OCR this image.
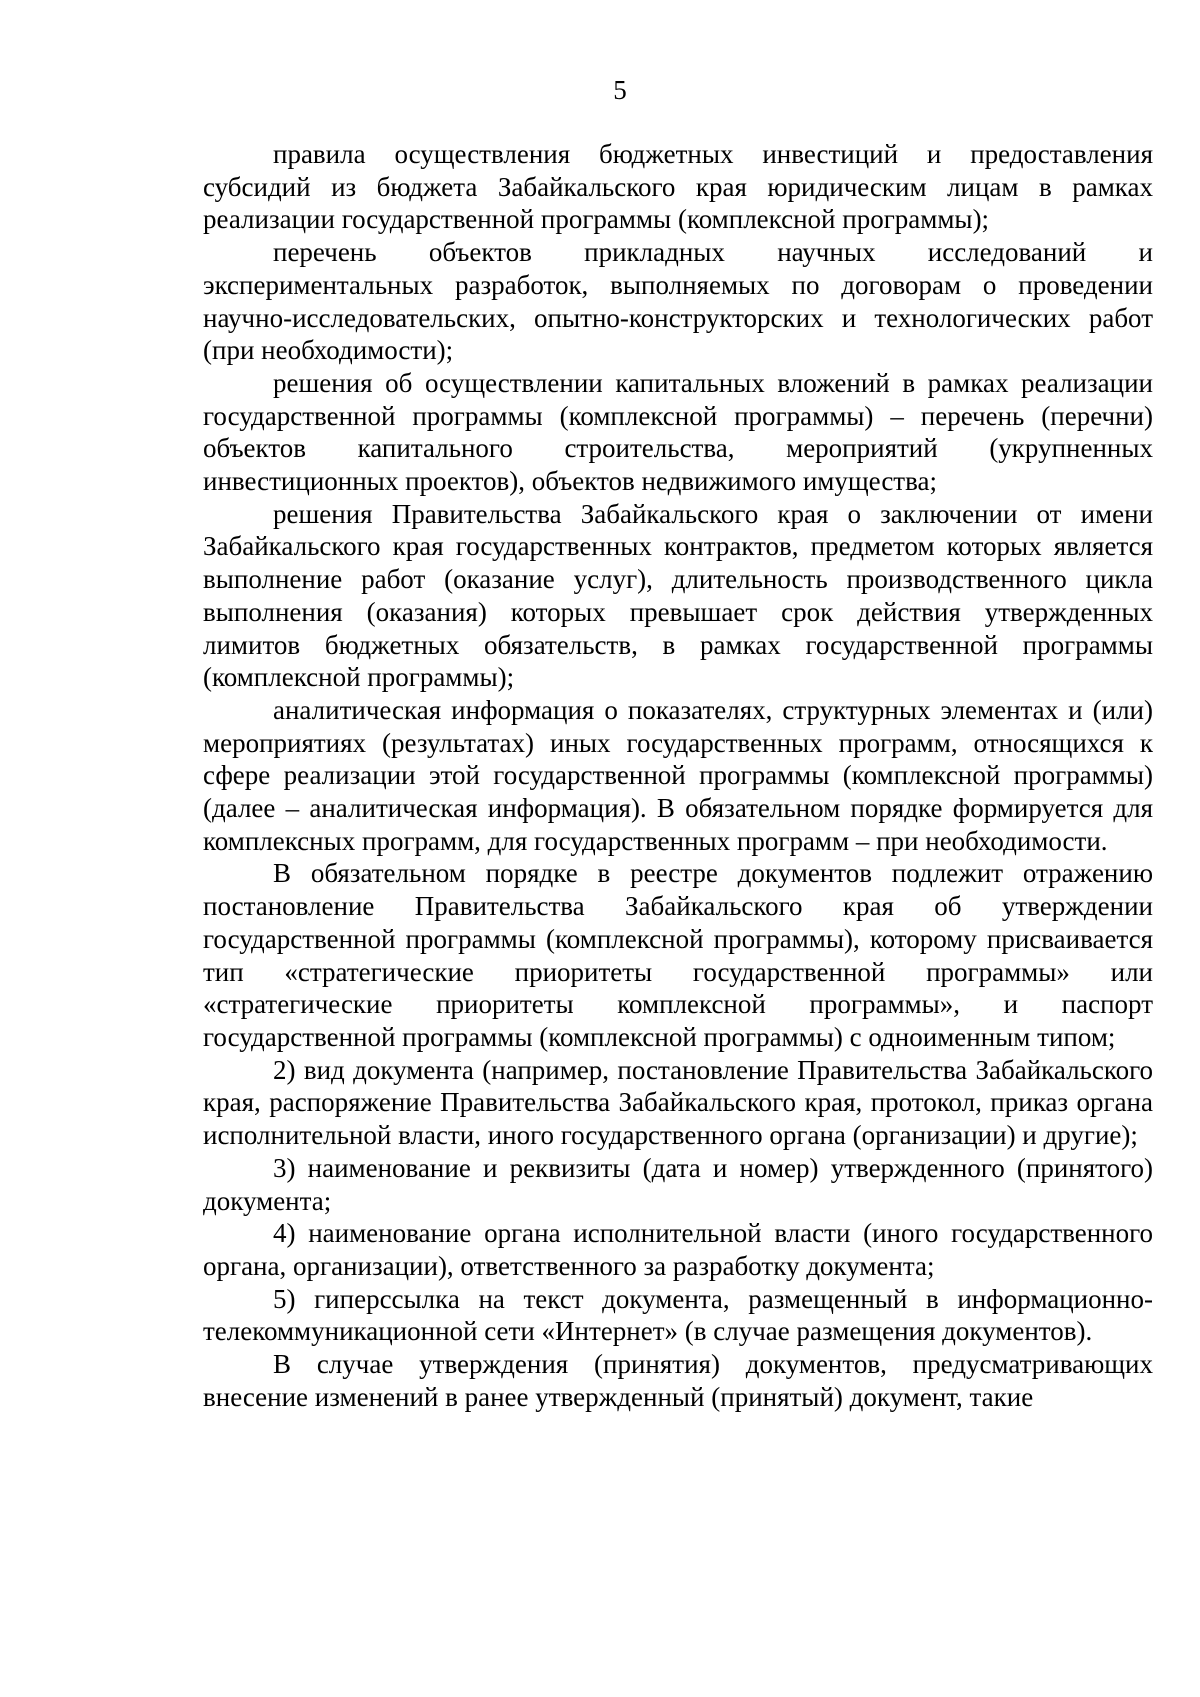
5

правила осуществления бюджетных инвестиций и предоставления субсидий из бюджета Забайкальского края юридическим лицам в рамках реализации государственной программы (комплексной программы);

перечень объектов прикладных научных исследований и экспериментальных разработок, выполняемых по договорам о проведении научно-исследовательских, опытно-конструкторских и технологических работ (при необходимости);

решения об осуществлении капитальных вложений в рамках реализации государственной программы (комплексной программы) – перечень (перечни) объектов капитального строительства, мероприятий (укрупненных инвестиционных проектов), объектов недвижимого имущества;

решения Правительства Забайкальского края о заключении от имени Забайкальского края государственных контрактов, предметом которых является выполнение работ (оказание услуг), длительность производственного цикла выполнения (оказания) которых превышает срок действия утвержденных лимитов бюджетных обязательств, в рамках государственной программы (комплексной программы);

аналитическая информация о показателях, структурных элементах и (или) мероприятиях (результатах) иных государственных программ, относящихся к сфере реализации этой государственной программы (комплексной программы) (далее – аналитическая информация). В обязательном порядке формируется для комплексных программ, для государственных программ – при необходимости.

В обязательном порядке в реестре документов подлежит отражению постановление Правительства Забайкальского края об утверждении государственной программы (комплексной программы), которому присваивается тип «стратегические приоритеты государственной программы» или «стратегические приоритеты комплексной программы», и паспорт государственной программы (комплексной программы) с одноименным типом;

2) вид документа (например, постановление Правительства Забайкальского края, распоряжение Правительства Забайкальского края, протокол, приказ органа исполнительной власти, иного государственного органа (организации) и другие);

3) наименование и реквизиты (дата и номер) утвержденного (принятого) документа;

4) наименование органа исполнительной власти (иного государственного органа, организации), ответственного за разработку документа;

5) гиперссылка на текст документа, размещенный в информационно-телекоммуникационной сети «Интернет» (в случае размещения документов).

В случае утверждения (принятия) документов, предусматривающих внесение изменений в ранее утвержденный (принятый) документ, такие
